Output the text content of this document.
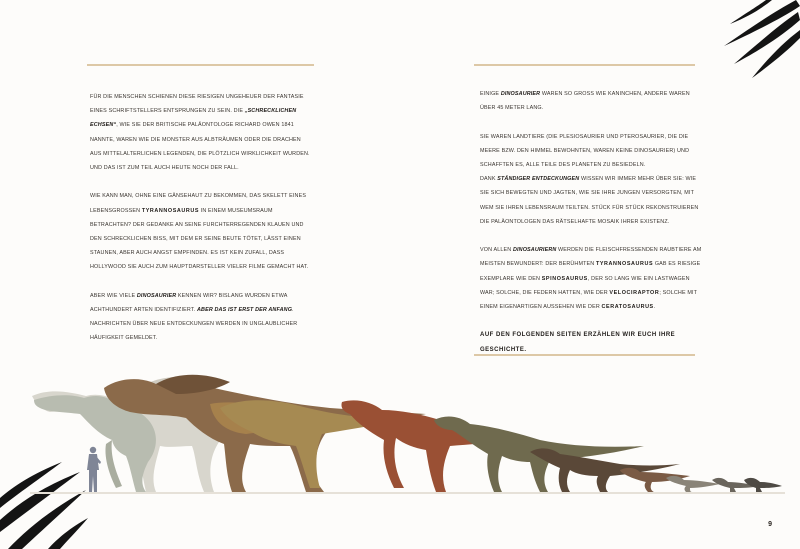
FÜR DIE MENSCHEN SCHIENEN DIESE RIESIGEN UNGEHEUER DER FANTASIE EINES SCHRIFTSTELLERS ENTSPRUNGEN ZU SEIN. DIE „SCHRECKLICHEN ECHSEN“, WIE SIE DER BRITISCHE PALÄONTOLOGE RICHARD OWEN 1841 NANNTE, WAREN WIE DIE MONSTER AUS ALBTRÄUMEN ODER DIE DRACHEN AUS MITTELALTERLICHEN LEGENDEN, DIE PLÖTZLICH WIRKLICHKEIT WURDEN. UND DAS IST ZUM TEIL AUCH HEUTE NOCH DER FALL.

WIE KANN MAN, OHNE EINE GÄNSEHAUT ZU BEKOMMEN, DAS SKELETT EINES LEBENSGROSSEN TYRANNOSAURUS IN EINEM MUSEUMSRAUM BETRACHTEN? DER GEDANKE AN SEINE FURCHTERREGENDEN KLAUEN UND DEN SCHRECKLICHEN BISS, MIT DEM ER SEINE BEUTE TÖTET, LÄSST EINEN STAUNEN, ABER AUCH ANGST EMPFINDEN. ES IST KEIN ZUFALL, DASS HOLLYWOOD SIE AUCH ZUM HAUPTDARSTELLER VIELER FILME GEMACHT HAT.

ABER WIE VIELE DINOSAURIER KENNEN WIR? BISLANG WURDEN ETWA ACHTHUNDERT ARTEN IDENTIFIZIERT. ABER DAS IST ERST DER ANFANG. NACHRICHTEN ÜBER NEUE ENTDECKUNGEN WERDEN IN UNGLAUBLICHER HÄUFIGKEIT GEMELDET.

EINIGE DINOSAURIER WAREN SO GROSS WIE KANINCHEN, ANDERE WAREN ÜBER 45 METER LANG.

SIE WAREN LANDTIERE (DIE PLESIOSAURIER UND PTEROSAURIER, DIE DIE MEERE BZW. DEN HIMMEL BEWOHNTEN, WAREN KEINE DINOSAURIER) UND SCHAFFTEN ES, ALLE TEILE DES PLANETEN ZU BESIEDELN.

DANK STÄNDIGER ENTDECKUNGEN WISSEN WIR IMMER MEHR ÜBER SIE: WIE SIE SICH BEWEGTEN UND JAGTEN, WIE SIE IHRE JUNGEN VERSORGTEN, MIT WEM SIE IHREN LEBENSRAUM TEILTEN. STÜCK FÜR STÜCK REKONSTRUIEREN DIE PALÄONTOLOGEN DAS RÄTSELHAFTE MOSAIK IHRER EXISTENZ.

VON ALLEN DINOSAURIERN WERDEN DIE FLEISCHFRESSENDEN RAUBTIERE AM MEISTEN BEWUNDERT: DER BERÜHMTEN TYRANNOSAURUS GAB ES RIESIGE EXEMPLARE WIE DEN SPINOSAURUS, DER SO LANG WIE EIN LASTWAGEN WAR; SOLCHE, DIE FEDERN HATTEN, WIE DER VELOCIRAPTOR; SOLCHE MIT EINEM EIGENARTIGEN AUSSEHEN WIE DER CERATOSAURUS.

AUF DEN FOLGENDEN SEITEN ERZÄHLEN WIR EUCH IHRE GESCHICHTE.

9
